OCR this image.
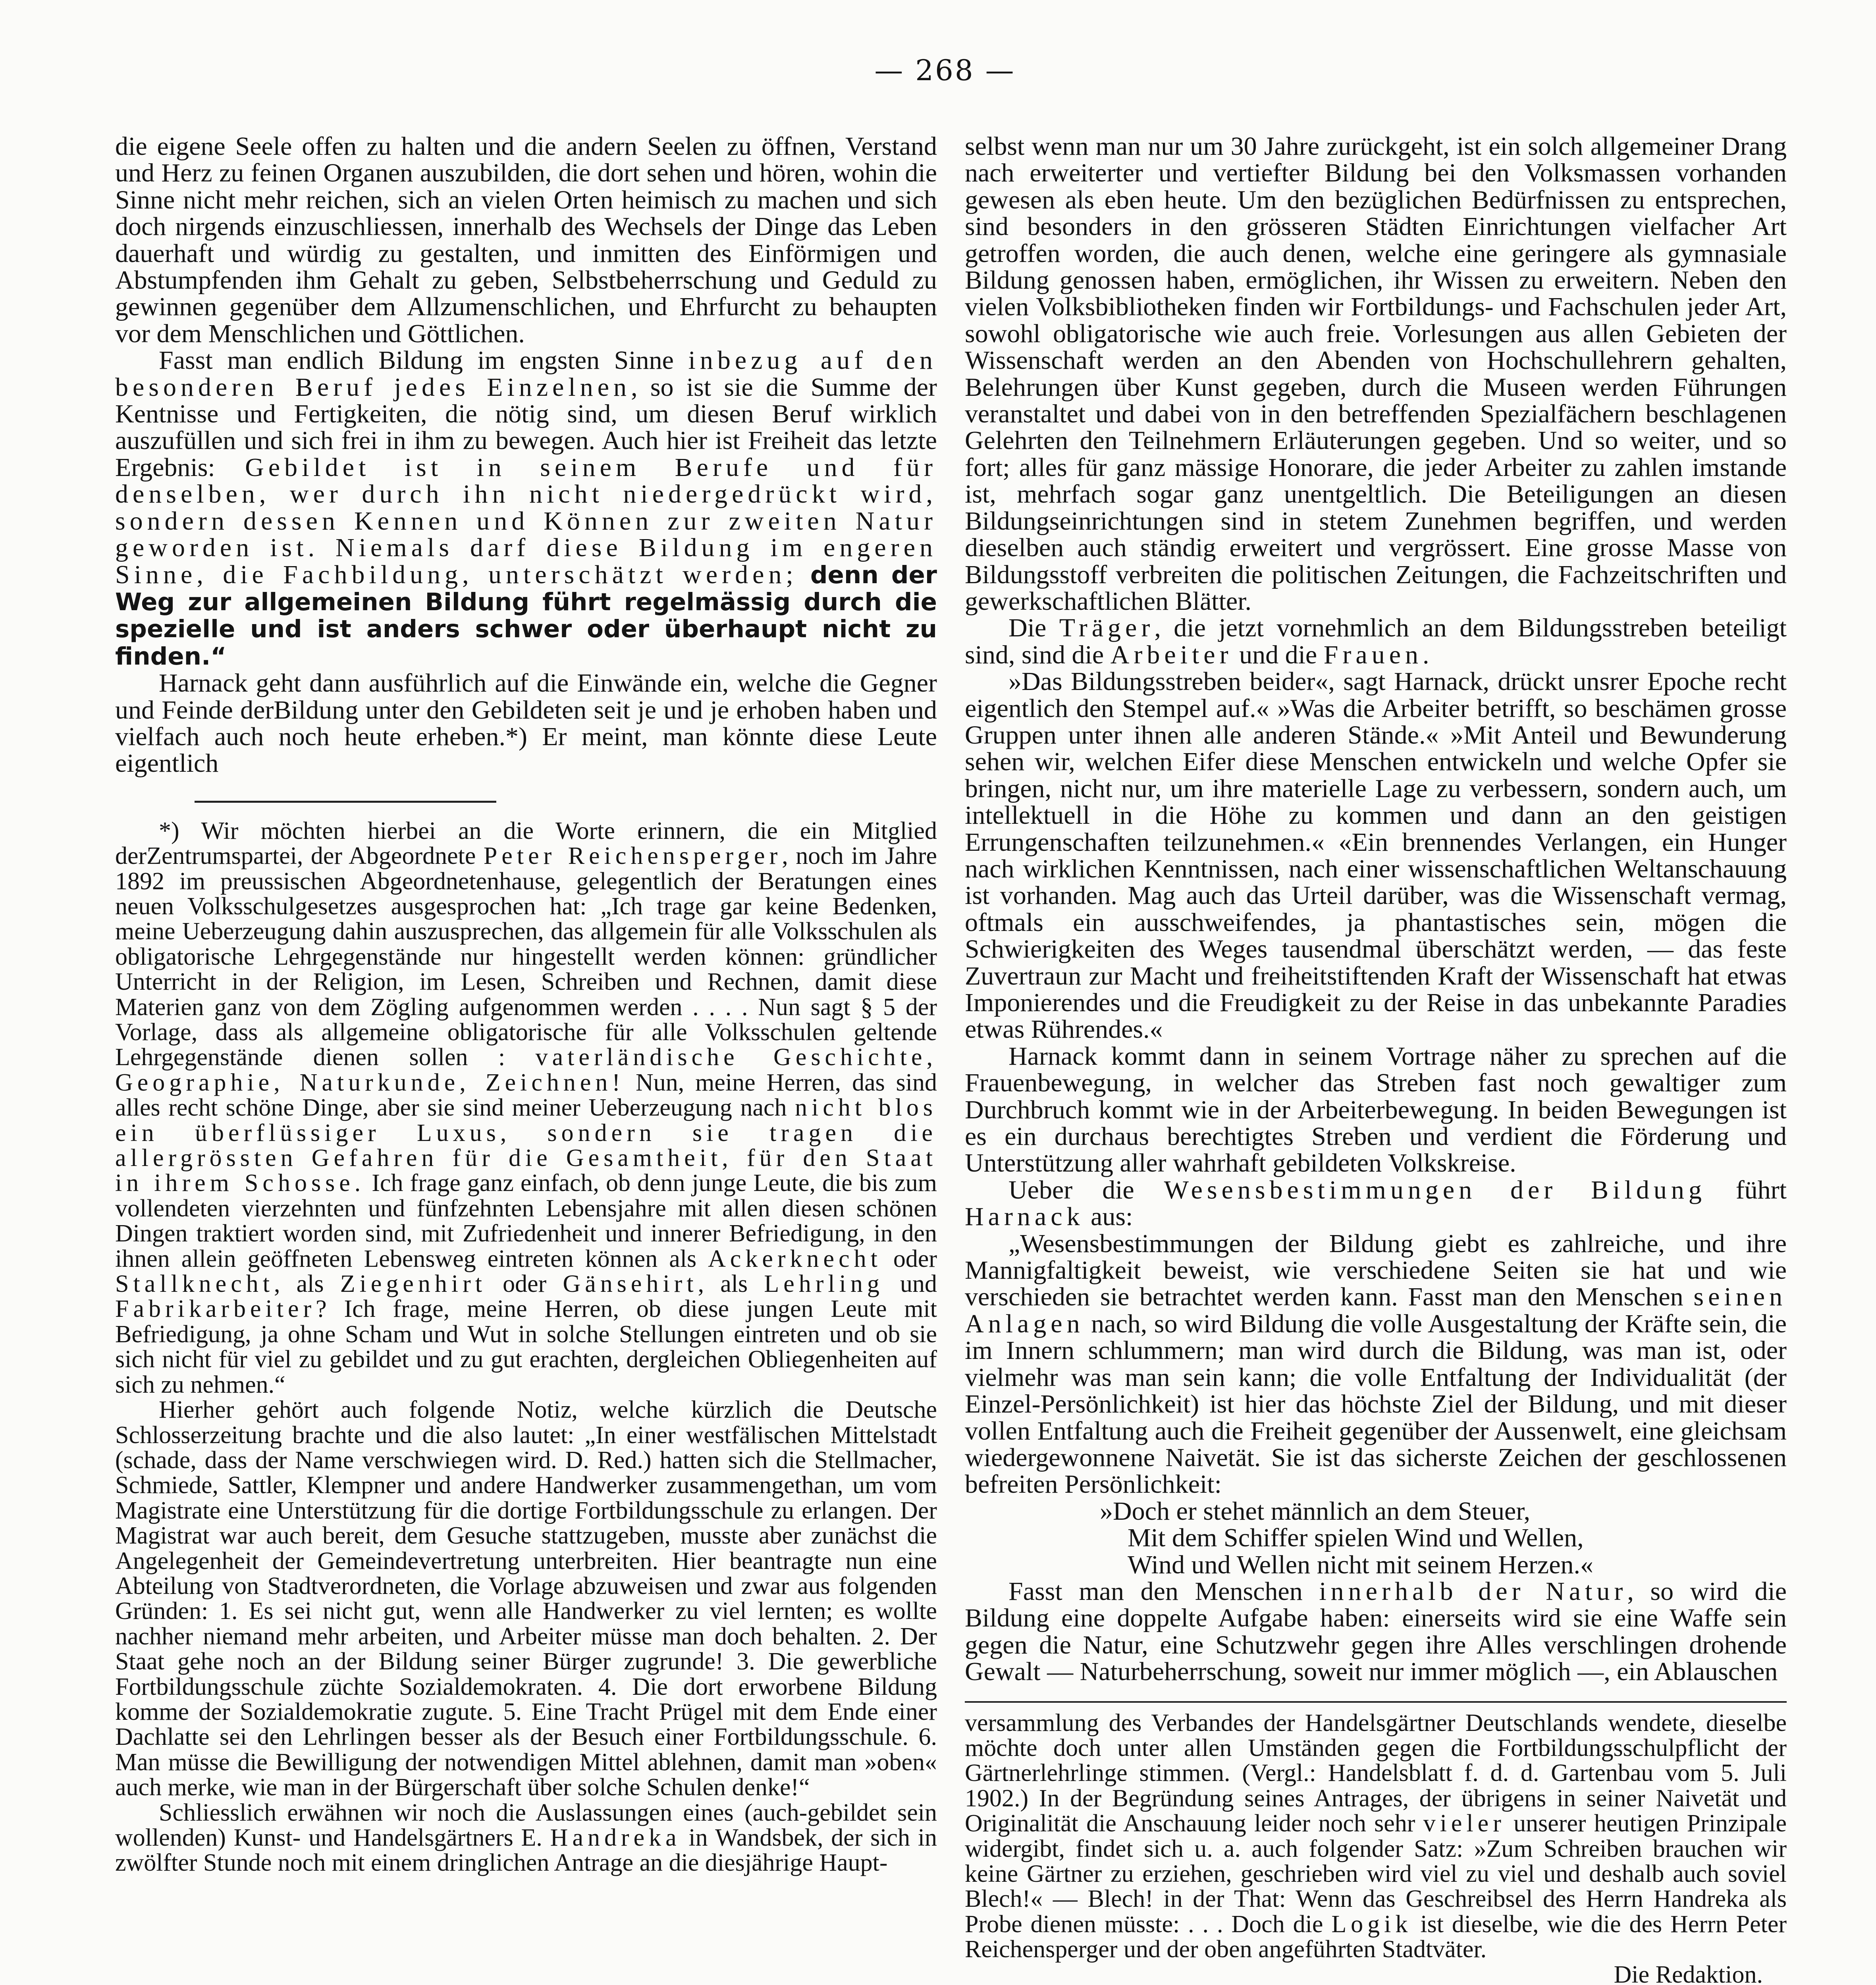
— 268 —

die eigene Seele offen zu halten und die andern Seelen zu öffnen, Verstand und Herz zu feinen Organen auszubilden, die dort sehen und hören, wohin die Sinne nicht mehr reichen, sich an vielen Orten heimisch zu machen und sich doch nirgends einzuschliessen, innerhalb des Wechsels der Dinge das Leben dauerhaft und würdig zu gestalten, und inmitten des Einförmigen und Abstumpfenden ihm Gehalt zu geben, Selbstbeherrschung und Geduld zu gewinnen gegenüber dem Allzumenschlichen, und Ehrfurcht zu behaupten vor dem Menschlichen und Göttlichen.

Fasst man endlich Bildung im engsten Sinne inbezug auf den besonderen Beruf jedes Einzelnen, so ist sie die Summe der Kentnisse und Fertigkeiten, die nötig sind, um diesen Beruf wirklich auszufüllen und sich frei in ihm zu bewegen. Auch hier ist Freiheit das letzte Ergebnis: Gebildet ist in seinem Berufe und für denselben, wer durch ihn nicht niedergedrückt wird, sondern dessen Kennen und Können zur zweiten Natur geworden ist. Niemals darf diese Bildung im engeren Sinne, die Fachbildung, unterschätzt werden; denn der Weg zur allgemeinen Bildung führt regelmässig durch die spezielle und ist anders schwer oder überhaupt nicht zu finden.“

Harnack geht dann ausführlich auf die Einwände ein, welche die Gegner und Feinde derBildung unter den Gebildeten seit je und je erhoben haben und vielfach auch noch heute erheben.*) Er meint, man könnte diese Leute eigentlich

*) Wir möchten hierbei an die Worte erinnern, die ein Mitglied derZentrumspartei, der Abgeordnete Peter Reichensperger, noch im Jahre 1892 im preussischen Abgeordnetenhause, gelegentlich der Beratungen eines neuen Volksschulgesetzes ausgesprochen hat: „Ich trage gar keine Bedenken, meine Ueberzeugung dahin auszusprechen, das allgemein für alle Volksschulen als obligatorische Lehrgegenstände nur hingestellt werden können: gründlicher Unterricht in der Religion, im Lesen, Schreiben und Rechnen, damit diese Materien ganz von dem Zögling aufgenommen werden . . . . Nun sagt § 5 der Vorlage, dass als allgemeine obligatorische für alle Volksschulen geltende Lehrgegenstände dienen sollen : vaterländische Geschichte, Geographie, Naturkunde, Zeichnen! Nun, meine Herren, das sind alles recht schöne Dinge, aber sie sind meiner Ueberzeugung nach nicht blos ein überflüssiger Luxus, sondern sie tragen die allergrössten Gefahren für die Gesamtheit, für den Staat in ihrem Schosse. Ich frage ganz einfach, ob denn junge Leute, die bis zum vollendeten vierzehnten und fünfzehnten Lebensjahre mit allen diesen schönen Dingen traktiert worden sind, mit Zufriedenheit und innerer Befriedigung, in den ihnen allein geöffneten Lebensweg eintreten können als Ackerknecht oder Stallknecht, als Ziegenhirt oder Gänsehirt, als Lehrling und Fabrikarbeiter? Ich frage, meine Herren, ob diese jungen Leute mit Befriedigung, ja ohne Scham und Wut in solche Stellungen eintreten und ob sie sich nicht für viel zu gebildet und zu gut erachten, dergleichen Obliegenheiten auf sich zu nehmen.“

Hierher gehört auch folgende Notiz, welche kürzlich die Deutsche Schlosserzeitung brachte und die also lautet: „In einer westfälischen Mittelstadt (schade, dass der Name verschwiegen wird. D. Red.) hatten sich die Stellmacher, Schmiede, Sattler, Klempner und andere Handwerker zusammengethan, um vom Magistrate eine Unterstützung für die dortige Fortbildungsschule zu erlangen. Der Magistrat war auch bereit, dem Gesuche stattzugeben, musste aber zunächst die Angelegenheit der Gemeindevertretung unterbreiten. Hier beantragte nun eine Abteilung von Stadtverordneten, die Vorlage abzuweisen und zwar aus folgenden Gründen: 1. Es sei nicht gut, wenn alle Handwerker zu viel lernten; es wollte nachher niemand mehr arbeiten, und Arbeiter müsse man doch behalten. 2. Der Staat gehe noch an der Bildung seiner Bürger zugrunde! 3. Die gewerbliche Fortbildungsschule züchte Sozialdemokraten. 4. Die dort erworbene Bildung komme der Sozialdemokratie zugute. 5. Eine Tracht Prügel mit dem Ende einer Dachlatte sei den Lehrlingen besser als der Besuch einer Fortbildungsschule. 6. Man müsse die Bewilligung der notwendigen Mittel ablehnen, damit man »oben« auch merke, wie man in der Bürgerschaft über solche Schulen denke!“

Schliesslich erwähnen wir noch die Auslassungen eines (auch-gebildet sein wollenden) Kunst- und Handelsgärtners E. Handreka in Wandsbek, der sich in zwölfter Stunde noch mit einem dringlichen Antrage an die diesjährige Haupt-

selbst wenn man nur um 30 Jahre zurückgeht, ist ein solch allgemeiner Drang nach erweiterter und vertiefter Bildung bei den Volksmassen vorhanden gewesen als eben heute. Um den bezüglichen Bedürfnissen zu entsprechen, sind besonders in den grösseren Städten Einrichtungen vielfacher Art getroffen worden, die auch denen, welche eine geringere als gymnasiale Bildung genossen haben, ermöglichen, ihr Wissen zu erweitern. Neben den vielen Volksbibliotheken finden wir Fortbildungs- und Fachschulen jeder Art, sowohl obligatorische wie auch freie. Vorlesungen aus allen Gebieten der Wissenschaft werden an den Abenden von Hochschullehrern gehalten, Belehrungen über Kunst gegeben, durch die Museen werden Führungen veranstaltet und dabei von in den betreffenden Spezialfächern beschlagenen Gelehrten den Teilnehmern Erläuterungen gegeben. Und so weiter, und so fort; alles für ganz mässige Honorare, die jeder Arbeiter zu zahlen imstande ist, mehrfach sogar ganz unentgeltlich. Die Beteiligungen an diesen Bildungseinrichtungen sind in stetem Zunehmen begriffen, und werden dieselben auch ständig erweitert und vergrössert. Eine grosse Masse von Bildungsstoff verbreiten die politischen Zeitungen, die Fachzeitschriften und gewerkschaftlichen Blätter.

Die Träger, die jetzt vornehmlich an dem Bildungsstreben beteiligt sind, sind die Arbeiter und die Frauen.

»Das Bildungsstreben beider«, sagt Harnack, drückt unsrer Epoche recht eigentlich den Stempel auf.« »Was die Arbeiter betrifft, so beschämen grosse Gruppen unter ihnen alle anderen Stände.« »Mit Anteil und Bewunderung sehen wir, welchen Eifer diese Menschen entwickeln und welche Opfer sie bringen, nicht nur, um ihre materielle Lage zu verbessern, sondern auch, um intellektuell in die Höhe zu kommen und dann an den geistigen Errungenschaften teilzunehmen.« «Ein brennendes Verlangen, ein Hunger nach wirklichen Kenntnissen, nach einer wissenschaftlichen Weltanschauung ist vorhanden. Mag auch das Urteil darüber, was die Wissenschaft vermag, oftmals ein ausschweifendes, ja phantastisches sein, mögen die Schwierigkeiten des Weges tausendmal überschätzt werden, — das feste Zuvertraun zur Macht und freiheitstiftenden Kraft der Wissenschaft hat etwas Imponierendes und die Freudigkeit zu der Reise in das unbekannte Paradies etwas Rührendes.«

Harnack kommt dann in seinem Vortrage näher zu sprechen auf die Frauenbewegung, in welcher das Streben fast noch gewaltiger zum Durchbruch kommt wie in der Arbeiterbewegung. In beiden Bewegungen ist es ein durchaus berechtigtes Streben und verdient die Förderung und Unterstützung aller wahrhaft gebildeten Volkskreise.

Ueber die Wesensbestimmungen der Bildung führt Harnack aus:

„Wesensbestimmungen der Bildung giebt es zahlreiche, und ihre Mannigfaltigkeit beweist, wie verschiedene Seiten sie hat und wie verschieden sie betrachtet werden kann. Fasst man den Menschen seinen Anlagen nach, so wird Bildung die volle Ausgestaltung der Kräfte sein, die im Innern schlummern; man wird durch die Bildung, was man ist, oder vielmehr was man sein kann; die volle Entfaltung der Individualität (der Einzel-Persönlichkeit) ist hier das höchste Ziel der Bildung, und mit dieser vollen Entfaltung auch die Freiheit gegenüber der Aussenwelt, eine gleichsam wiedergewonnene Naivetät. Sie ist das sicherste Zeichen der geschlossenen befreiten Persönlichkeit:

»Doch er stehet männlich an dem Steuer,

Mit dem Schiffer spielen Wind und Wellen,

Wind und Wellen nicht mit seinem Herzen.«

Fasst man den Menschen innerhalb der Natur, so wird die Bildung eine doppelte Aufgabe haben: einerseits wird sie eine Waffe sein gegen die Natur, eine Schutzwehr gegen ihre Alles verschlingen drohende Gewalt — Naturbeherrschung, soweit nur immer möglich —, ein Ablauschen

versammlung des Verbandes der Handelsgärtner Deutschlands wendete, dieselbe möchte doch unter allen Umständen gegen die Fortbildungsschulpflicht der Gärtnerlehrlinge stimmen. (Vergl.: Handelsblatt f. d. d. Gartenbau vom 5. Juli 1902.) In der Begründung seines Antrages, der übrigens in seiner Naivetät und Originalität die Anschauung leider noch sehr vieler unserer heutigen Prinzipale widergibt, findet sich u. a. auch folgender Satz: »Zum Schreiben brauchen wir keine Gärtner zu erziehen, geschrieben wird viel zu viel und deshalb auch soviel Blech!« — Blech! in der That: Wenn das Geschreibsel des Herrn Handreka als Probe dienen müsste: . . . Doch die Logik ist dieselbe, wie die des Herrn Peter Reichensperger und der oben angeführten Stadtväter.

Die Redaktion.
